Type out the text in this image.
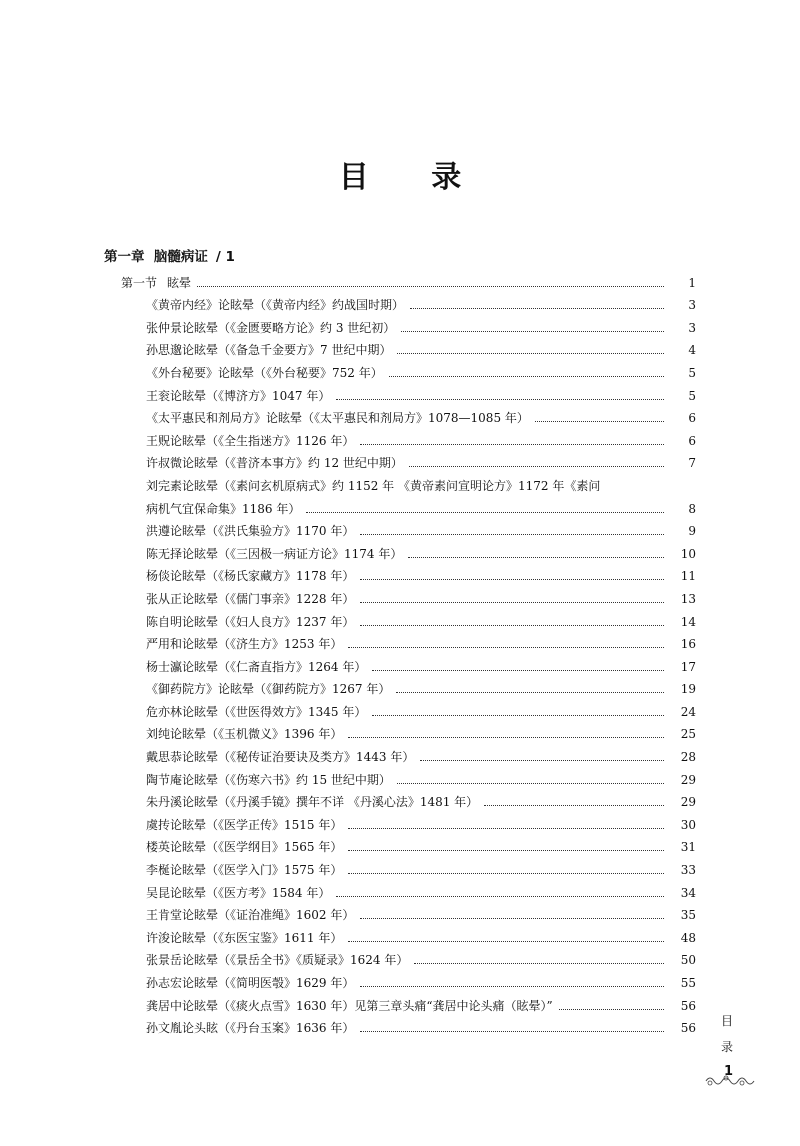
目 录
第一章 脑髓病证 / 1
第一节 眩晕	1
《黄帝内经》论眩晕（《黄帝内经》约战国时期）	3
张仲景论眩晕（《金匮要略方论》约 3 世纪初）	3
孙思邈论眩晕（《备急千金要方》7 世纪中期）	4
《外台秘要》论眩晕（《外台秘要》752 年）	5
王衮论眩晕（《博济方》1047 年）	5
《太平惠民和剂局方》论眩晕（《太平惠民和剂局方》1078—1085 年）	6
王贶论眩晕（《全生指迷方》1126 年）	6
许叔微论眩晕（《普济本事方》约 12 世纪中期）	7
刘完素论眩晕（《素问玄机原病式》约 1152 年 《黄帝素问宣明论方》1172 年《素问
病机气宜保命集》1186 年）	8
洪遵论眩晕（《洪氏集验方》1170 年）	9
陈无择论眩晕（《三因极一病证方论》1174 年）	10
杨倓论眩晕（《杨氏家藏方》1178 年）	11
张从正论眩晕（《儒门事亲》1228 年）	13
陈自明论眩晕（《妇人良方》1237 年）	14
严用和论眩晕（《济生方》1253 年）	16
杨士瀛论眩晕（《仁斋直指方》1264 年）	17
《御药院方》论眩晕（《御药院方》1267 年）	19
危亦林论眩晕（《世医得效方》1345 年）	24
刘纯论眩晕（《玉机微义》1396 年）	25
戴思恭论眩晕（《秘传证治要诀及类方》1443 年）	28
陶节庵论眩晕（《伤寒六书》约 15 世纪中期）	29
朱丹溪论眩晕（《丹溪手镜》撰年不详 《丹溪心法》1481 年）	29
虞抟论眩晕（《医学正传》1515 年）	30
楼英论眩晕（《医学纲目》1565 年）	31
李梴论眩晕（《医学入门》1575 年）	33
吴昆论眩晕（《医方考》1584 年）	34
王肯堂论眩晕（《证治准绳》1602 年）	35
许浚论眩晕（《东医宝鉴》1611 年）	48
张景岳论眩晕（《景岳全书》《质疑录》1624 年）	50
孙志宏论眩晕（《简明医彀》1629 年）	55
龚居中论眩晕（《痰火点雪》1630 年）见第三章头痛“龚居中论头痛（眩晕）”	56
孙文胤论头眩（《丹台玉案》1636 年）	56
目
录
1
